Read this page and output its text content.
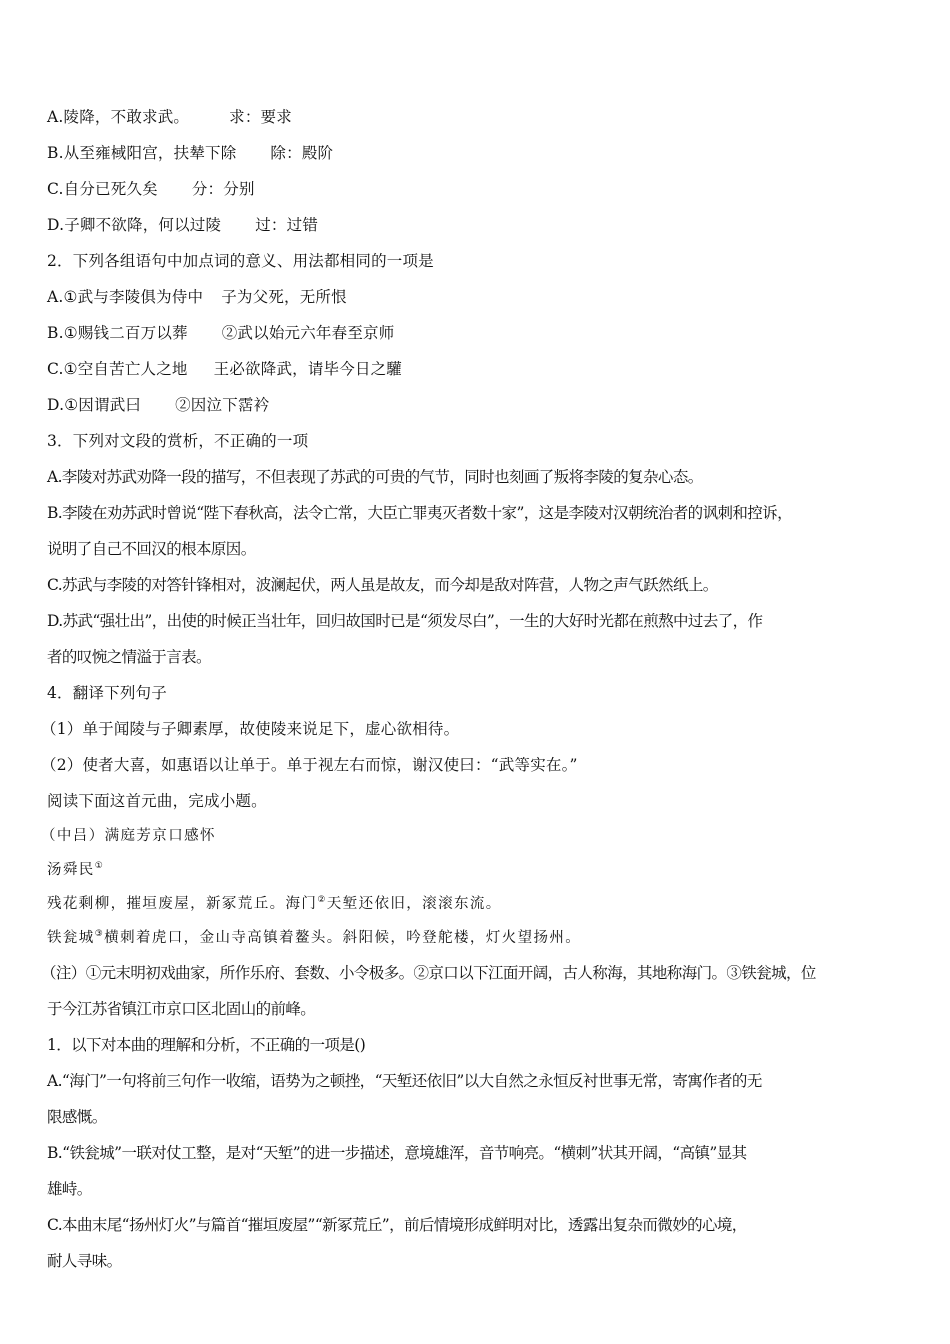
A.陵降，不敢求武。	求：要求
B.从至雍棫阳宫，扶辇下除 除：殿阶
C.自分已死久矣 分：分别
D.子卿不欲降，何以过陵 过：过错
2．下列各组语句中加点词的意义、用法都相同的一项是
A.①武与李陵俱为侍中 子为父死，无所恨
B.①赐钱二百万以葬 ②武以始元六年春至京师
C.①空自苦亡人之地 王必欲降武，请毕今日之驩
D.①因谓武曰 ②因泣下霑衿
3．下列对文段的赏析，不正确的一项
A.李陵对苏武劝降一段的描写，不但表现了苏武的可贵的气节，同时也刻画了叛将李陵的复杂心态。
B.李陵在劝苏武时曾说“陛下春秋高，法令亡常，大臣亡罪夷灭者数十家”，这是李陵对汉朝统治者的讽刺和控诉，
说明了自己不回汉的根本原因。
C.苏武与李陵的对答针锋相对，波澜起伏，两人虽是故友，而今却是敌对阵营，人物之声气跃然纸上。
D.苏武“强壮出”，出使的时候正当壮年，回归故国时已是“须发尽白”，一生的大好时光都在煎熬中过去了，作
者的叹惋之情溢于言表。
4．翻译下列句子
（1）单于闻陵与子卿素厚，故使陵来说足下，虚心欲相待。
（2）使者大喜，如惠语以让单于。单于视左右而惊，谢汉使曰：“武等实在。”
阅读下面这首元曲，完成小题。
（中吕）满庭芳京口感怀
汤舜民①
残花剩柳，摧垣废屋，新冢荒丘。海门②天堑还依旧，滚滚东流。
铁瓮城③横刺着虎口，金山寺高镇着鳌头。斜阳候，吟登舵楼，灯火望扬州。
（注）①元末明初戏曲家，所作乐府、套数、小令极多。②京口以下江面开阔，古人称海，其地称海门。③铁瓮城，位
于今江苏省镇江市京口区北固山的前峰。
1．以下对本曲的理解和分析，不正确的一项是()
A.“海门”一句将前三句作一收缩，语势为之顿挫，“天堑还依旧”以大自然之永恒反衬世事无常，寄寓作者的无
限感慨。
B.“铁瓮城”一联对仗工整，是对“天堑”的进一步描述，意境雄浑，音节响亮。“横刺”状其开阔，“高镇”显其
雄峙。
C.本曲末尾“扬州灯火”与篇首“摧垣废屋”“新冢荒丘”，前后情境形成鲜明对比，透露出复杂而微妙的心境，
耐人寻味。
